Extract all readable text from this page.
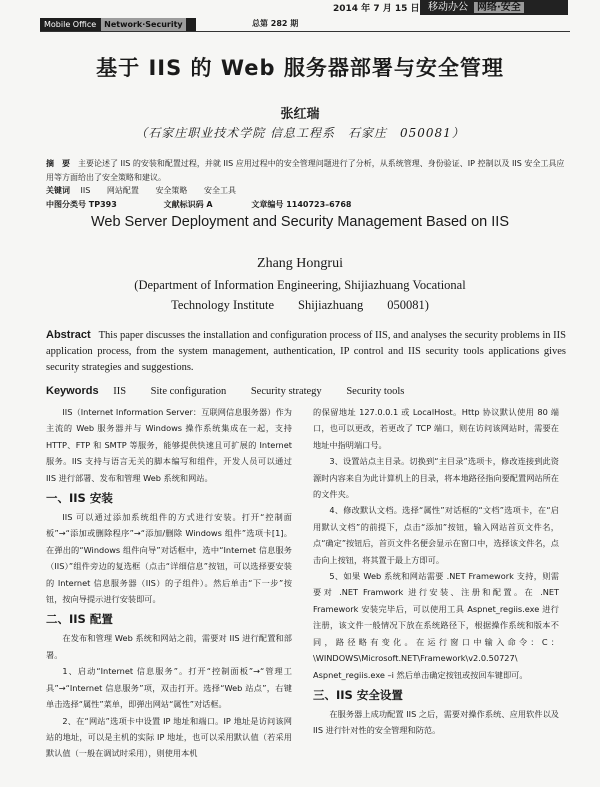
Mobile Office Network·Security	总第 282 期
2014 年 7 月 15 日 移动办公 网络·安全
基于 IIS 的 Web 服务器部署与安全管理
张红瑞
（石家庄职业技术学院 信息工程系　石家庄　050081）
摘　要 主要论述了 IIS 的安装和配置过程，并就 IIS 应用过程中的安全管理问题进行了分析，从系统管理、身份验证、IP 控制以及 IIS 安全工具应用等方面给出了安全策略和建议。
关键词 IIS 网站配置 安全策略 安全工具
中图分类号 TP393	文献标识码 A	文章编号 1140723–6768
Web Server Deployment and Security Management Based on IIS
Zhang Hongrui
(Department of Information Engineering, Shijiazhuang Vocational
Technology Institute Shijiazhuang 050081)
Abstract This paper discusses the installation and configuration process of IIS, and analyses the security problems in IIS application process, from the system management, authentication, IP control and IIS security tools applications gives security strategies and suggestions.
Keywords IIS Site configuration Security strategy Security tools

IIS（Internet Information Server：互联网信息服务器）作为主流的 Web 服务器并与 Windows 操作系统集成在一起，支持 HTTP、FTP 和 SMTP 等服务，能够提供快速且可扩展的 Internet 服务。IIS 支持与语言无关的脚本编写和组件，开发人员可以通过 IIS 进行部署、发布和管理 Web 系统和网站。

一、IIS 安装

IIS 可以通过添加系统组件的方式进行安装。打开“控制面板”→“添加或删除程序”→“添加/删除 Windows 组件”选项卡[1]。在弹出的“Windows 组件向导”对话框中，选中“Internet 信息服务（IIS）”组件旁边的复选框（点击“详细信息”按钮，可以选择要安装的 Internet 信息服务器（IIS）的子组件）。然后单击“下一步”按钮，按向导提示进行安装即可。

二、IIS 配置

在发布和管理 Web 系统和网站之前，需要对 IIS 进行配置和部署。

1、启动“Internet 信息服务”。打开“控制面板”→“管理工具”→“Internet 信息服务”项，双击打开。选择“Web 站点”，右键单击选择“属性”菜单，即弹出网站“属性”对话框。

2、在“网站”选项卡中设置 IP 地址和端口。IP 地址是访问该网站的地址，可以是主机的实际 IP 地址，也可以采用默认值（若采用默认值（一般在调试时采用），则使用本机

的保留地址 127.0.0.1 或 LocalHost。Http 协议默认使用 80 端口，也可以更改，若更改了 TCP 端口，则在访问该网站时，需要在地址中指明端口号。

3、设置站点主目录。切换到“主目录”选项卡，修改连接到此资源时内容来自为此计算机上的目录，将本地路径指向要配置网站所在的文件夹。

4、修改默认文档。选择“属性”对话框的“文档”选项卡，在“启用默认文档”的前提下，点击“添加”按钮，输入网站首页文件名，点“确定”按钮后，首页文件名便会显示在窗口中，选择该文件名，点击向上按钮，将其置于最上方即可。

5、如果 Web 系统和网站需要 .NET Framework 支持，则需要对 .NET Framwork 进行安装、注册和配置。在 .NET Framework 安装完毕后，可以使用工具 Aspnet_regiis.exe 进行注册，该文件一般情况下放在系统路径下，根据操作系统和版本不同，路径略有变化。在运行窗口中输入命令：C：\WINDOWS\Microsoft.NET\Framework\v2.0.50727\ Aspnet_regiis.exe –i 然后单击确定按钮或按回车键即可。

三、IIS 安全设置

在服务器上成功配置 IIS 之后，需要对操作系统、应用软件以及 IIS 进行针对性的安全管理和防范。
